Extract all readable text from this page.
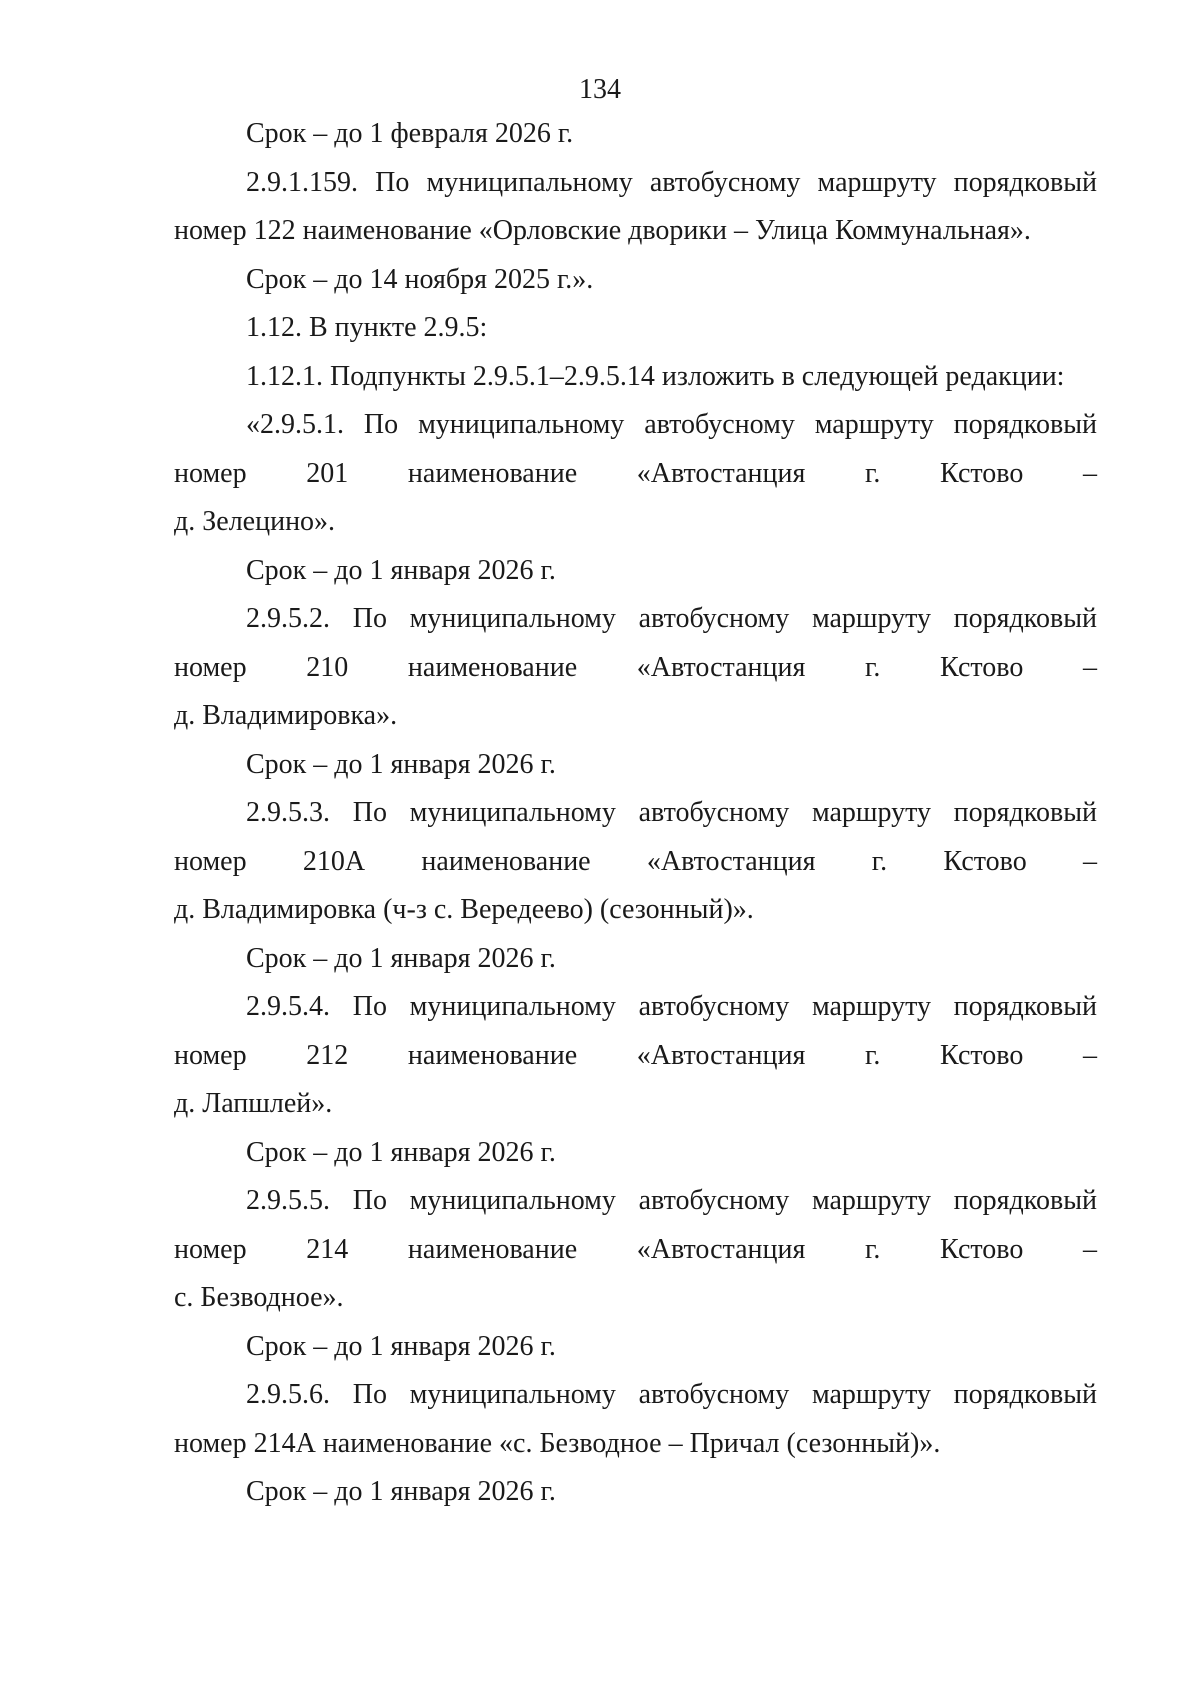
134

Срок – до 1 февраля 2026 г.

2.9.1.159. По муниципальному автобусному маршруту порядковый номер 122 наименование «Орловские дворики – Улица Коммунальная».

Срок – до 14 ноября 2025 г.».

1.12. В пункте 2.9.5:

1.12.1. Подпункты 2.9.5.1–2.9.5.14 изложить в следующей редакции:

«2.9.5.1. По муниципальному автобусному маршруту порядковый номер 201 наименование «Автостанция г. Кстово –

д. Зелецино».

Срок – до 1 января 2026 г.

2.9.5.2. По муниципальному автобусному маршруту порядковый номер 210 наименование «Автостанция г. Кстово –

д. Владимировка».

Срок – до 1 января 2026 г.

2.9.5.3. По муниципальному автобусному маршруту порядковый номер 210А наименование «Автостанция г. Кстово –

д. Владимировка (ч-з с. Вередеево) (сезонный)».

Срок – до 1 января 2026 г.

2.9.5.4. По муниципальному автобусному маршруту порядковый номер 212 наименование «Автостанция г. Кстово –

д. Лапшлей».

Срок – до 1 января 2026 г.

2.9.5.5. По муниципальному автобусному маршруту порядковый номер 214 наименование «Автостанция г. Кстово –

с. Безводное».

Срок – до 1 января 2026 г.

2.9.5.6. По муниципальному автобусному маршруту порядковый номер 214А наименование «с. Безводное – Причал (сезонный)».

Срок – до 1 января 2026 г.
